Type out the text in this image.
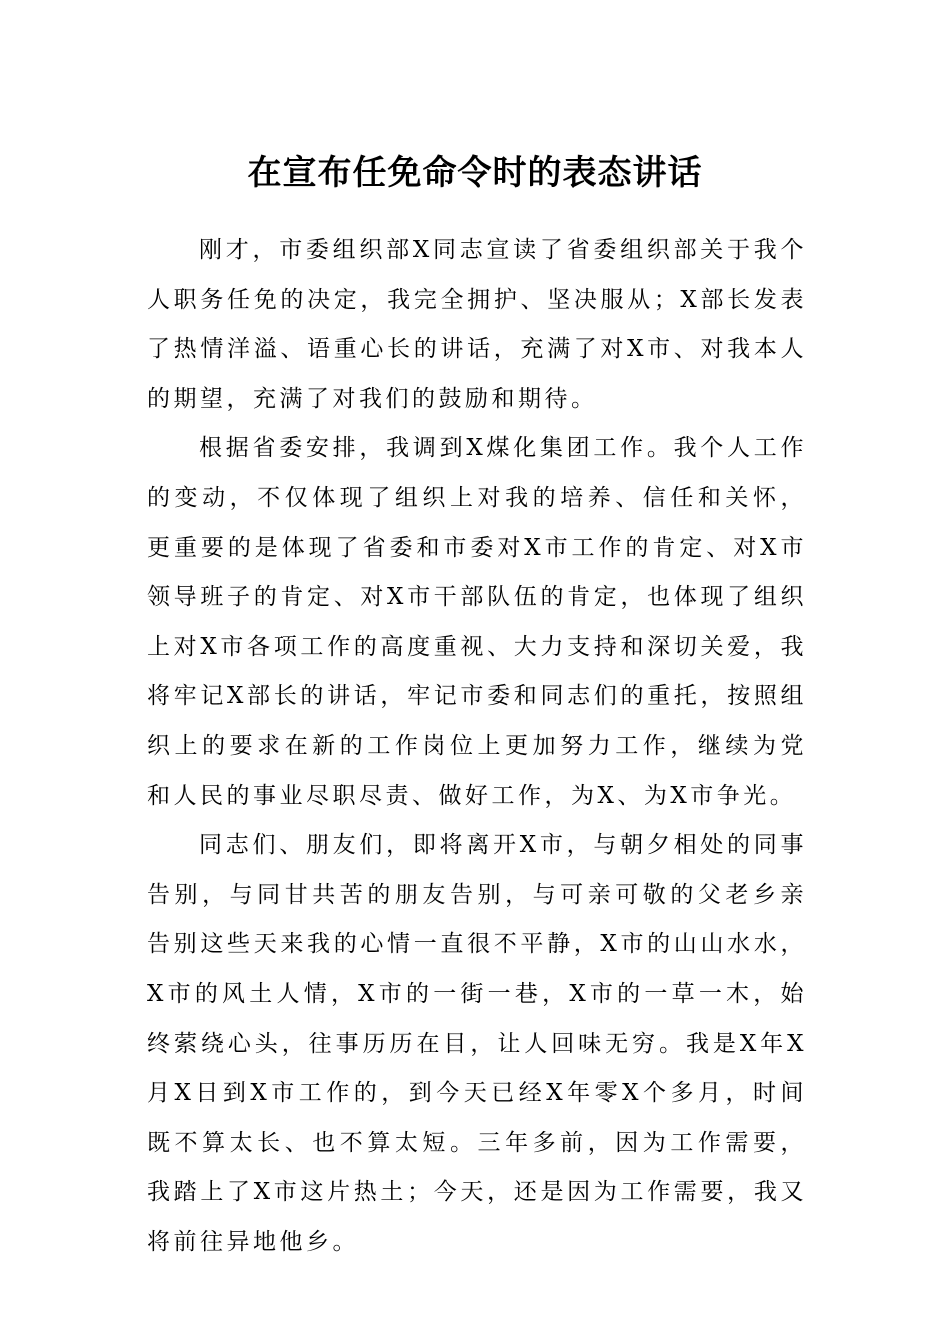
在宣布任免命令时的表态讲话

刚才，市委组织部X同志宣读了省委组织部关于我个人职务任免的决定，我完全拥护、坚决服从；X部长发表了热情洋溢、语重心长的讲话，充满了对X市、对我本人的期望，充满了对我们的鼓励和期待。

根据省委安排，我调到X煤化集团工作。我个人工作的变动，不仅体现了组织上对我的培养、信任和关怀，更重要的是体现了省委和市委对X市工作的肯定、对X市领导班子的肯定、对X市干部队伍的肯定，也体现了组织上对X市各项工作的高度重视、大力支持和深切关爱，我将牢记X部长的讲话，牢记市委和同志们的重托，按照组织上的要求在新的工作岗位上更加努力工作，继续为党和人民的事业尽职尽责、做好工作，为X、为X市争光。

同志们、朋友们，即将离开X市，与朝夕相处的同事告别，与同甘共苦的朋友告别，与可亲可敬的父老乡亲告别这些天来我的心情一直很不平静，X市的山山水水，X市的风土人情，X市的一街一巷，X市的一草一木，始终萦绕心头，往事历历在目，让人回味无穷。我是X年X月X日到X市工作的，到今天已经X年零X个多月，时间既不算太长、也不算太短。三年多前，因为工作需要，我踏上了X市这片热土；今天，还是因为工作需要，我又将前往异地他乡。
